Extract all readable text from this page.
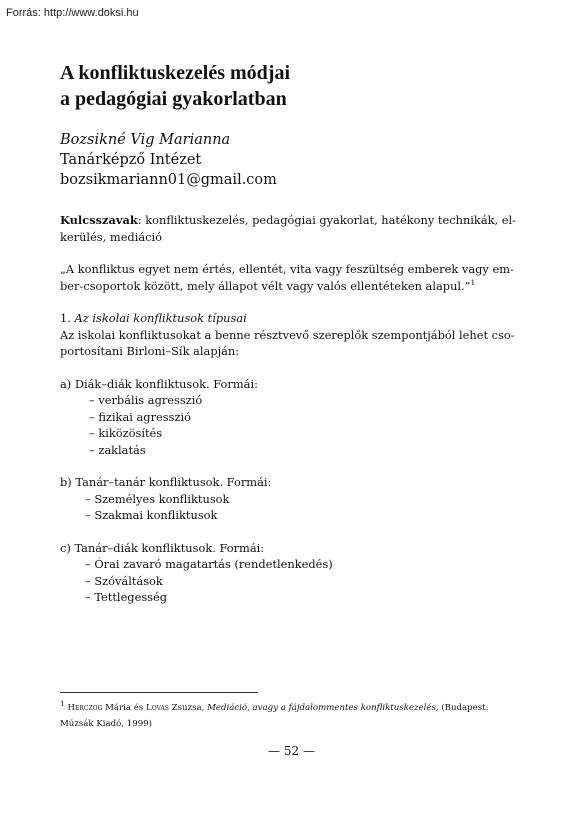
Forrás: http://www.doksi.hu
A konfliktuskezelés módjai
a pedagógiai gyakorlatban
Bozsikné Vig Marianna
Tanárképző Intézet
bozsikmariann01@gmail.com
Kulcsszavak: konfliktuskezelés, pedagógiai gyakorlat, hatékony technikák, el-
kerülés, mediáció
„A konfliktus egyet nem értés, ellentét, vita vagy feszültség emberek vagy em-
ber-csoportok között, mely állapot vélt vagy valós ellentéteken alapul.”$^1$
1. Az iskolai konfliktusok típusai
Az iskolai konfliktusokat a benne résztvevő szereplők szempontjából lehet cso-
portosítani Birloni–Sík alapján:
a) Diák–diák konfliktusok. Formái:
– verbális agresszió
– fizikai agresszió
– kiközösítés
– zaklatás
b) Tanár–tanár konfliktusok. Formái:
– Személyes konfliktusok
– Szakmai konfliktusok
c) Tanár–diák konfliktusok. Formái:
– Órai zavaró magatartás (rendetlenkedés)
– Szóváltások
– Tettlegesség
$^1$ Herczog Mária és Lovas Zsuzsa, Mediáció, avagy a fájdalommentes konfliktuskezelés, (Budapest:
Múzsák Kiadó, 1999)
— 52 —
